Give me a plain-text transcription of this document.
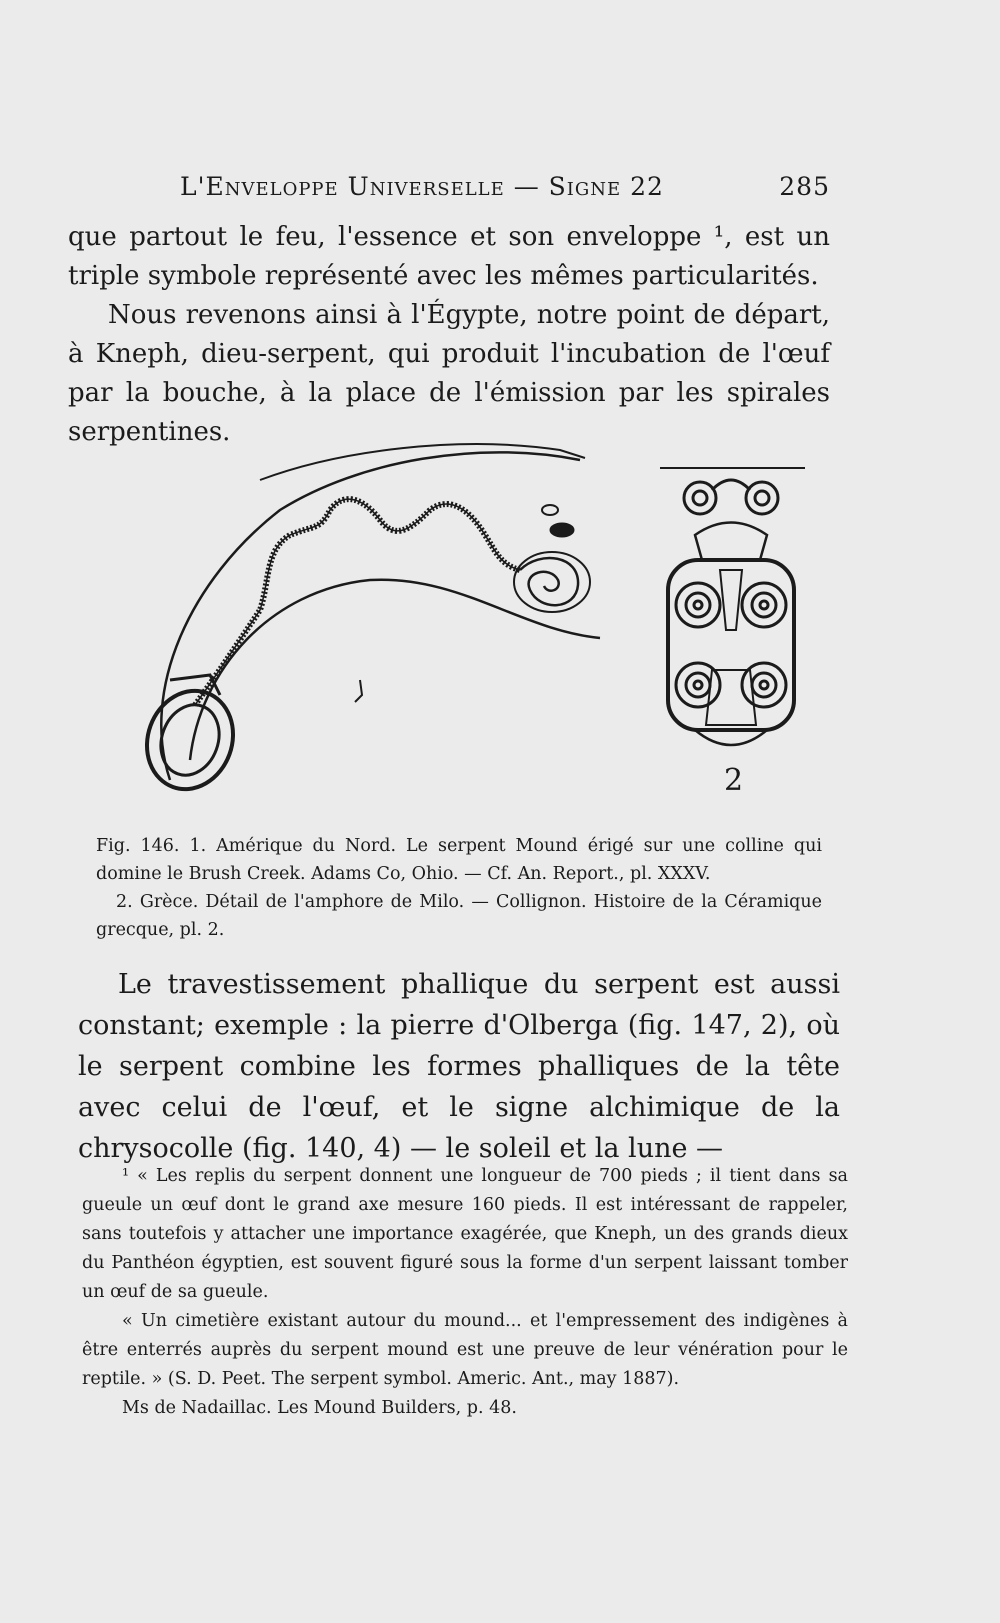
L'Enveloppe Universelle — Signe 22	285

que partout le feu, l'essence et son enveloppe ¹, est un triple symbole représenté avec les mêmes particularités.

Nous revenons ainsi à l'Égypte, notre point de départ, à Kneph, dieu-serpent, qui produit l'incubation de l'œuf par la bouche, à la place de l'émission par les spirales serpentines.

2

Fig. 146. 1. Amérique du Nord. Le serpent Mound érigé sur une colline qui domine le Brush Creek. Adams Co, Ohio. — Cf. An. Report., pl. XXXV.

2. Grèce. Détail de l'amphore de Milo. — Collignon. Histoire de la Céramique grecque, pl. 2.

Le travestissement phallique du serpent est aussi constant; exemple : la pierre d'Olberga (fig. 147, 2), où le serpent combine les formes phalliques de la tête avec celui de l'œuf, et le signe alchimique de la chrysocolle (fig. 140, 4) — le soleil et la lune —

¹ « Les replis du serpent donnent une longueur de 700 pieds ; il tient dans sa gueule un œuf dont le grand axe mesure 160 pieds. Il est intéressant de rappeler, sans toutefois y attacher une importance exagérée, que Kneph, un des grands dieux du Panthéon égyptien, est souvent figuré sous la forme d'un serpent laissant tomber un œuf de sa gueule.

« Un cimetière existant autour du mound... et l'empressement des indigènes à être enterrés auprès du serpent mound est une preuve de leur vénération pour le reptile. » (S. D. Peet. The serpent symbol. Americ. Ant., may 1887).

Ms de Nadaillac. Les Mound Builders, p. 48.
